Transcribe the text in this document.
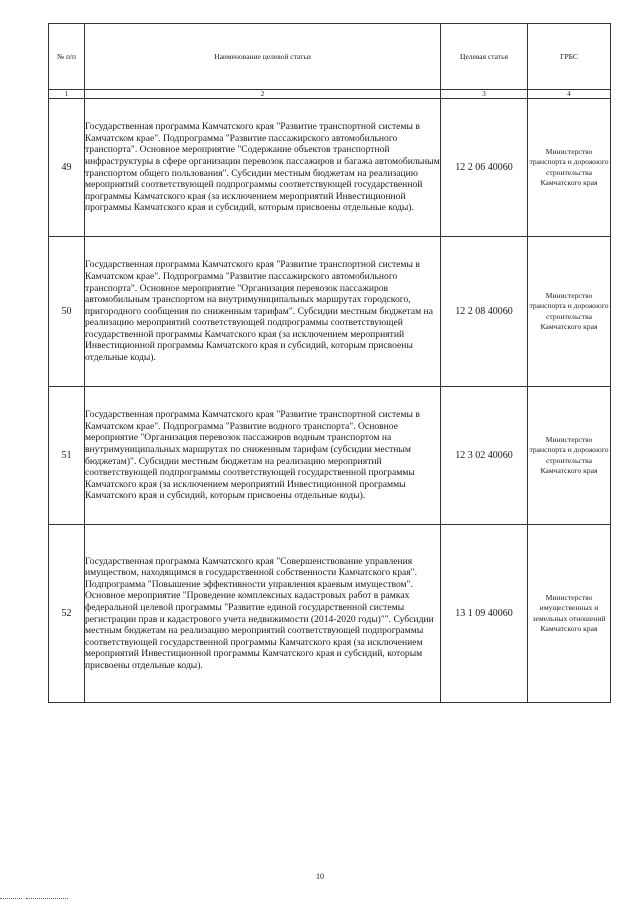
№ п/п	Наименование целевой статьи	Целевая статья	ГРБС
1	2	3	4
49	Государственная программа Камчатского края "Развитие транспортной системы в Камчатском крае". Подпрограмма "Развитие пассажирского автомобильного транспорта". Основное мероприятие "Содержание объектов транспортной инфраструктуры в сфере организации перевозок пассажиров и багажа автомобильным транспортом общего пользования". Субсидии местным бюджетам на реализацию мероприятий соответствующей подпрограммы соответствующей государственной программы Камчатского края (за исключением мероприятий Инвестиционной программы Камчатского края и субсидий, которым присвоены отдельные коды).	12 2 06 40060	Министерство транспорта и дорожного строительства Камчатского края
50	Государственная программа Камчатского края "Развитие транспортной системы в Камчатском крае". Подпрограмма "Развитие пассажирского автомобильного транспорта". Основное мероприятие "Организация перевозок пассажиров автомобильным транспортом на внутримуниципальных маршрутах городского, пригородного сообщения по сниженным тарифам". Субсидии местным бюджетам на реализацию мероприятий соответствующей подпрограммы соответствующей государственной программы Камчатского края (за исключением мероприятий Инвестиционной программы Камчатского края и субсидий, которым присвоены отдельные коды).	12 2 08 40060	Министерство транспорта и дорожного строительства Камчатского края
51	Государственная программа Камчатского края "Развитие транспортной системы в Камчатском крае". Подпрограмма "Развитие водного транспорта". Основное мероприятие "Организация перевозок пассажиров водным транспортом на внутримуниципальных маршрутах по сниженным тарифам (субсидии местным бюджетам)". Субсидии местным бюджетам на реализацию мероприятий соответствующей подпрограммы соответствующей государственной программы Камчатского края (за исключением мероприятий Инвестиционной программы Камчатского края и субсидий, которым присвоены отдельные коды).	12 3 02 40060	Министерство транспорта и дорожного строительства Камчатского края
52	Государственная программа Камчатского края "Совершенствование управления имуществом, находящимся в государственной собственности Камчатского края". Подпрограмма "Повышение эффективности управления краевым имуществом". Основное мероприятие "Проведение комплексных кадастровых работ в рамках федеральной целевой программы "Развитие единой государственной системы регистрации прав и кадастрового учета недвижимости (2014-2020 годы)"". Субсидии местным бюджетам на реализацию мероприятий соответствующей подпрограммы соответствующей государственной программы Камчатского края (за исключением мероприятий Инвестиционной программы Камчатского края и субсидий, которым присвоены отдельные коды).	13 1 09 40060	Министерство имущественных и земельных отношений Камчатского края
10
